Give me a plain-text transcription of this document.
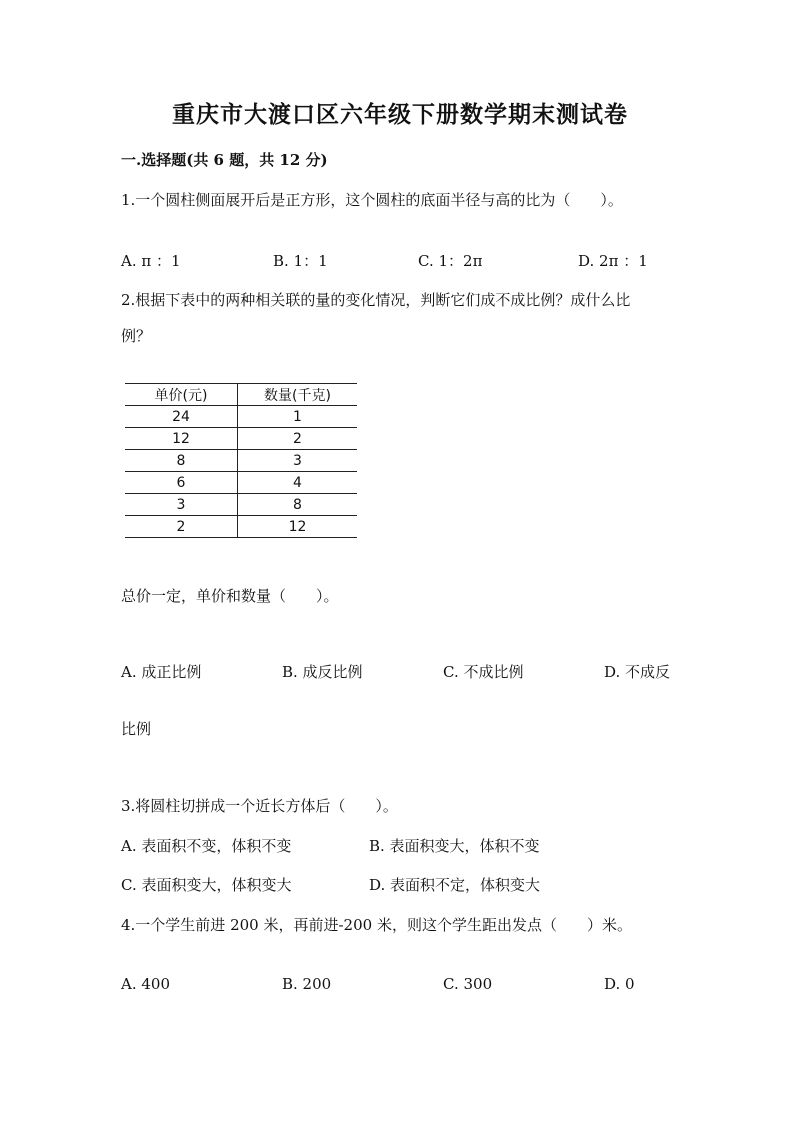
重庆市大渡口区六年级下册数学期末测试卷
一.选择题(共 6 题，共 12 分)
1.一个圆柱侧面展开后是正方形，这个圆柱的底面半径与高的比为（　　）。
A. π ：1	B. 1：1	C. 1：2π	D. 2π ：1
2.根据下表中的两种相关联的量的变化情况，判断它们成不成比例？成什么比
例？
单价(元)	数量(千克)
24	1
12	2
8	3
6	4
3	8
2	12
总价一定，单价和数量（　　）。
A. 成正比例	B. 成反比例	C. 不成比例	D. 不成反
比例
3.将圆柱切拼成一个近长方体后（　　）。
A. 表面积不变，体积不变	B. 表面积变大，体积不变
C. 表面积变大，体积变大	D. 表面积不定，体积变大
4.一个学生前进 200 米，再前进-200 米，则这个学生距出发点（　　）米。
A. 400	B. 200	C. 300	D. 0
